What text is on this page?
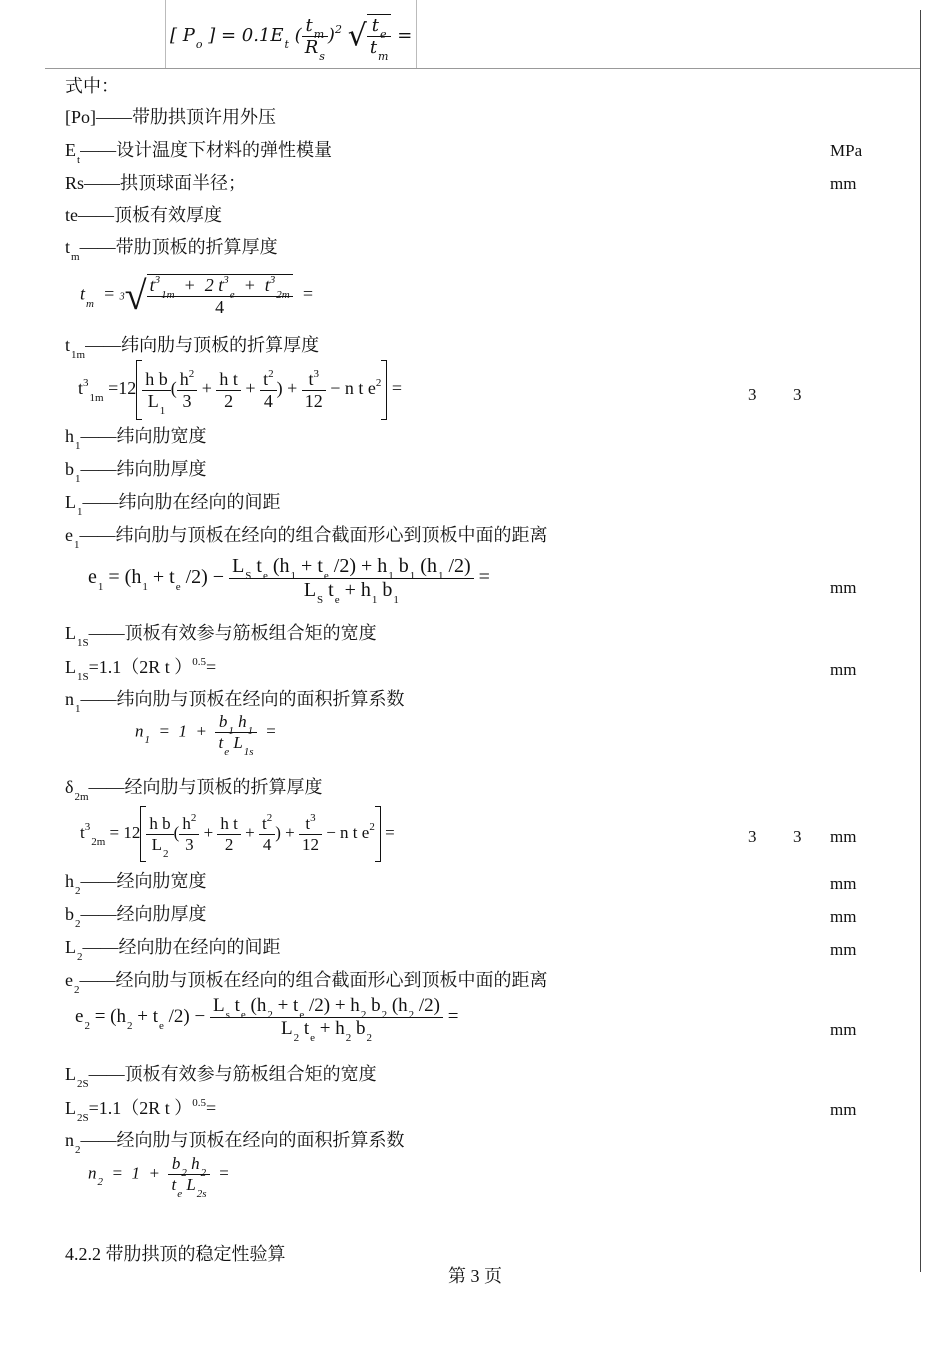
[ $P_o$ ] = $0.1E_t$ ( $\frac{t_m}{R_s} )^2$ √ $\frac{t_e}{t_m}$ =
式中：
[Po]——带肋拱顶许用外压
$E_t——$设计温度下材料的弹性模量	MPa
Rs——拱顶球面半径；	mm
te——顶板有效厚度
$t_m——$带肋顶板的折算厚度
$t_m = 3√ \frac{t^3_{1m} + 2 t^3_e + t^3_{2m}}{4}$ =
$t_{1m}——$纬向肋与顶板的折算厚度
$t^3_{1m} =12 \frac{\text{h b}}{L_1}$ ( $\frac{h^2}{3} + \frac{\text{h t}}{2} + \frac{t^2}{4}$ ) + $\frac{t^3}{12} - n$ t $e^2$ =	3 3
$h_1——$纬向肋宽度
$b_1——$纬向肋厚度
$L_1——$纬向肋在经向的间距
$e_1——$纬向肋与顶板在经向的组合截面形心到顶板中面的距离
$e_1 = (h_1 + t_e$ $/2) - \frac{L_S t_e (h_1 + t_e /2) + h_1 b_1 (h_1 /2)}{L_S t_e + h_1 b_1}$ =	mm
$L_{1S}——$顶板有效参与筋板组合矩的宽度
$L_{1S}=1.1(2R$ t ）$^{0.5}$=	mm
$n_1——$纬向肋与顶板在经向的面积折算系数
$n_1 = 1 + \frac{b_1 h_1}{t_e L_{1s}}$ =
$\delta_{2m}——$经向肋与顶板的折算厚度
$t^3_{2m} = 12 \frac{\text{h b}}{L_2}$ ( $\frac{h^2}{3} + \frac{\text{h t}}{2} + \frac{t^2}{4}$ ) + $\frac{t^3}{12} - n$ t $e^2$ =	3 3 mm
$h_2——$经向肋宽度	mm
$b_2——$经向肋厚度	mm
$L_2——$经向肋在经向的间距	mm
$e_2——$经向肋与顶板在经向的组合截面形心到顶板中面的距离
$e_2 = (h_2 + t_e$ $/2) - \frac{L_s t_e (h_2 + t_e /2) + h_2 b_2 (h_2 /2)}{L_2 t_e + h_2 b_2}$ =
mm
$L_{2S}——$顶板有效参与筋板组合矩的宽度
$L_{2S}=1.1(2R$ t ）$^{0.5}$=	mm
$n_2——$经向肋与顶板在经向的面积折算系数
$n_2 = 1 + \frac{b_2 h_2}{t_e L_{2s}}$ =
4.2.2 带肋拱顶的稳定性验算
第 3 页
